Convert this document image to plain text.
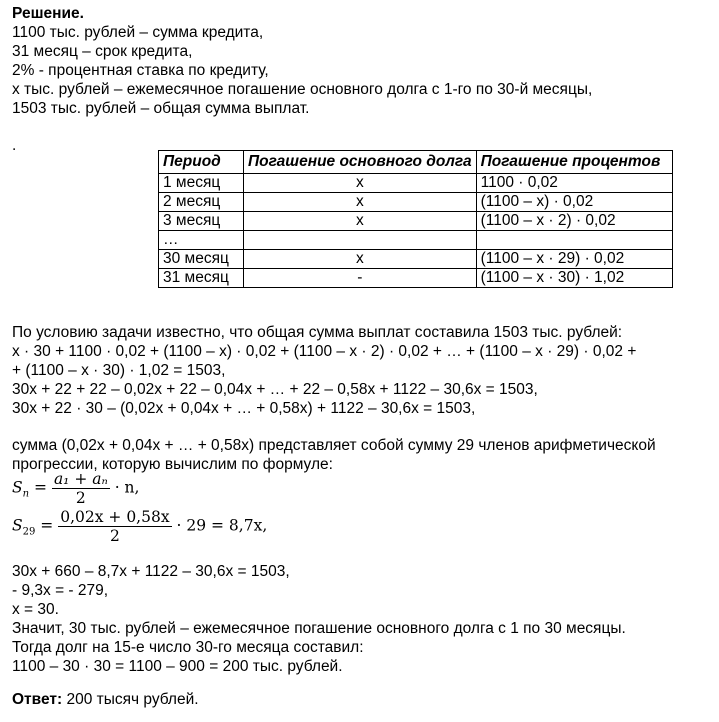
Решение.
1100 тыс. рублей – сумма кредита,
31 месяц – срок кредита,
2% - процентная ставка по кредиту,
x тыс. рублей – ежемесячное погашение основного долга с 1-го по 30-й месяцы,
1503 тыс. рублей – общая сумма выплат.
.
Период	Погашение основного долга	Погашение процентов
1 месяц	x	1100 · 0,02
2 месяц	x	(1100 – x) · 0,02
3 месяц	x	(1100 – x · 2) · 0,02
…		
30 месяц	x	(1100 – x · 29) · 0,02
31 месяц	-	(1100 – x · 30) · 1,02
По условию задачи известно, что общая сумма выплат составила 1503 тыс. рублей:
x · 30 + 1100 · 0,02 + (1100 – x) · 0,02 + (1100 – x · 2) · 0,02 + … + (1100 – x · 29) · 0,02 +
+ (1100 – x · 30) · 1,02 = 1503,
30x + 22 + 22 – 0,02x + 22 – 0,04x + … + 22 – 0,58x + 1122 – 30,6x = 1503,
30x + 22 · 30 – (0,02x + 0,04x + … + 0,58x) + 1122 – 30,6x = 1503,
сумма (0,02x + 0,04x + … + 0,58x) представляет собой сумму 29 членов арифметической
прогрессии, которую вычислим по формуле:
$S_n = \frac{\text{a₁ + aₙ}}{2} \cdot n$,
$S_{29} = \frac{0,02x + 0,58x}{2} \cdot 29 = 8,7x$,
30x + 660 – 8,7x + 1122 – 30,6x = 1503,
- 9,3x = - 279,
x = 30.
Значит, 30 тыс. рублей – ежемесячное погашение основного долга с 1 по 30 месяцы.
Тогда долг на 15-е число 30-го месяца составил:
1100 – 30 · 30 = 1100 – 900 = 200 тыс. рублей.
Ответ: 200 тысяч рублей.
